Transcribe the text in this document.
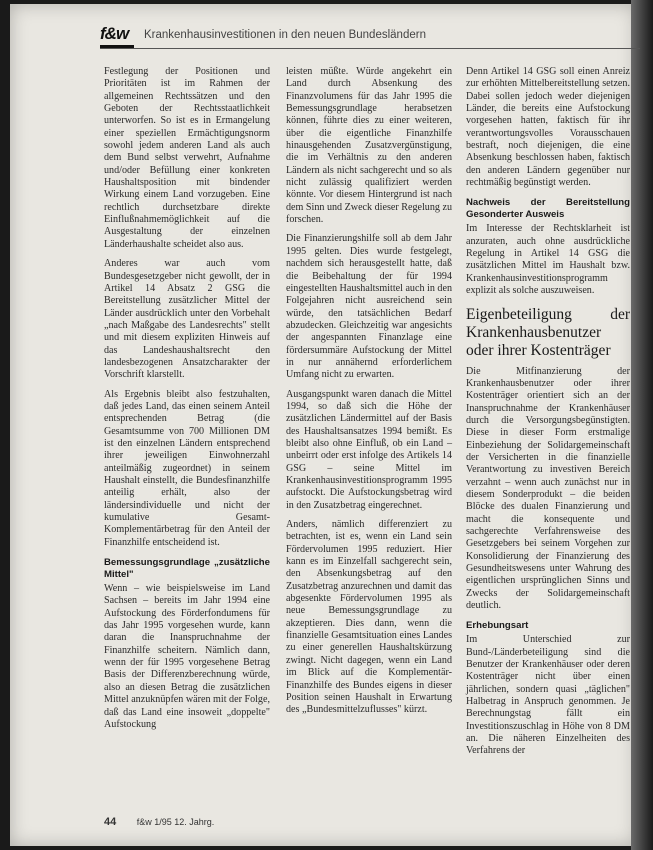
f&w Krankenhausinvestitionen in den neuen Bundesländern

Festlegung der Positionen und Prioritäten ist im Rahmen der allgemeinen Rechtssätzen und den Geboten der Rechtsstaatlichkeit unterworfen. So ist es in Ermangelung einer speziellen Ermächtigungsnorm sowohl jedem anderen Land als auch dem Bund selbst verwehrt, Aufnahme und/oder Befüllung einer konkreten Haushaltsposition mit bindender Wirkung einem Land vorzugeben. Eine rechtlich durchsetzbare direkte Einflußnahmemöglichkeit auf die Ausgestaltung der einzelnen Länderhaushalte scheidet also aus.

Anderes war auch vom Bundesgesetzgeber nicht gewollt, der in Artikel 14 Absatz 2 GSG die Bereitstellung zusätzlicher Mittel der Länder ausdrücklich unter den Vorbehalt „nach Maßgabe des Landesrechts" stellt und mit diesem expliziten Hinweis auf das Landeshaushaltsrecht den landesbezogenen Ansatzcharakter der Vorschrift klarstellt.

Als Ergebnis bleibt also festzuhalten, daß jedes Land, das einen seinem Anteil entsprechenden Betrag (die Gesamtsumme von 700 Millionen DM ist den einzelnen Ländern entsprechend ihrer jeweiligen Einwohnerzahl anteilmäßig zugeordnet) in seinem Haushalt einstellt, die Bundesfinanzhilfe anteilig erhält, also der ländersindividuelle und nicht der kumulative Gesamt-Komplementärbetrag für den Anteil der Finanzhilfe entscheidend ist.

Bemessungsgrundlage „zusätzliche Mittel"

Wenn – wie beispielsweise im Land Sachsen – bereits im Jahr 1994 eine Aufstockung des Förderfondumens für das Jahr 1995 vorgesehen wurde, kann daran die Inanspruchnahme der Finanzhilfe scheitern. Nämlich dann, wenn der für 1995 vorgesehene Betrag Basis der Differenzberechnung würde, also an diesen Betrag die zusätzlichen Mittel anzuknüpfen wären mit der Folge, daß das Land eine insoweit „doppelte" Aufstockung

leisten müßte. Würde angekehrt ein Land durch Absenkung des Finanzvolumens für das Jahr 1995 die Bemessungsgrundlage herabsetzen können, führte dies zu einer weiteren, über die eigentliche Finanzhilfe hinausgehenden Zusatzvergünstigung, die im Verhältnis zu den anderen Ländern als nicht sachgerecht und so als nicht zulässig qualifiziert werden könnte. Vor diesem Hintergrund ist nach dem Sinn und Zweck dieser Regelung zu forschen.

Die Finanzierungshilfe soll ab dem Jahr 1995 gelten. Dies wurde festgelegt, nachdem sich herausgestellt hatte, daß die Beibehaltung der für 1994 eingestellten Haushaltsmittel auch in den Folgejahren nicht ausreichend sein würde, den tatsächlichen Bedarf abzudecken. Gleichzeitig war angesichts der angespannten Finanzlage eine fördersummäre Aufstockung der Mittel in nur annähernd erforderlichem Umfang nicht zu erwarten.

Ausgangspunkt waren danach die Mittel 1994, so daß sich die Höhe der zusätzlichen Ländermittel auf der Basis des Haushaltsansatzes 1994 bemißt. Es bleibt also ohne Einfluß, ob ein Land – unbeirrt oder erst infolge des Artikels 14 GSG – seine Mittel im Krankenhausinvestitionsprogramm 1995 aufstockt. Die Aufstockungsbetrag wird in den Zusatzbetrag eingerechnet.

Anders, nämlich differenziert zu betrachten, ist es, wenn ein Land sein Fördervolumen 1995 reduziert. Hier kann es im Einzelfall sachgerecht sein, den Absenkungsbetrag auf den Zusatzbetrag anzurechnen und damit das abgesenkte Fördervolumen 1995 als neue Bemessungsgrundlage zu akzeptieren. Dies dann, wenn die finanzielle Gesamtsituation eines Landes zu einer generellen Haushaltskürzung zwingt. Nicht dagegen, wenn ein Land im Blick auf die Komplementär-Finanzhilfe des Bundes eigens in dieser Position seinen Haushalt in Erwartung des „Bundesmittelzuflusses" kürzt.

Denn Artikel 14 GSG soll einen Anreiz zur erhöhten Mittelbereitstellung setzen. Dabei sollen jedoch weder diejenigen Länder, die bereits eine Aufstockung vorgesehen hatten, faktisch für ihr verantwortungsvolles Vorausschauen bestraft, noch diejenigen, die eine Absenkung beschlossen haben, faktisch den anderen Ländern gegenüber nur rechtmäßig begünstigt werden.

Nachweis der Bereitstellung Gesonderter Ausweis

Im Interesse der Rechtsklarheit ist anzuraten, auch ohne ausdrückliche Regelung in Artikel 14 GSG die zusätzlichen Mittel im Haushalt bzw. Krankenhausinvestitionsprogramm explizit als solche auszuweisen.

Eigenbeteiligung der Krankenhausbenutzer oder ihrer Kostenträger

Die Mitfinanzierung der Krankenhausbenutzer oder ihrer Kostenträger orientiert sich an der Inanspruchnahme der Krankenhäuser durch die Versorgungsbegünstigten. Diese in dieser Form erstmalige Einbeziehung der Solidargemeinschaft der Versicherten in die finanzielle Verantwortung zu investiven Bereich verzahnt – wenn auch zunächst nur in diesem Sonderprodukt – die beiden Blöcke des dualen Finanzierung und macht die konsequente und sachgerechte Verfahrensweise des Gesetzgebers bei seinem Vorgehen zur Konsolidierung der Finanzierung des Gesundheitswesens unter Wahrung des eigentlichen ursprünglichen Sinns und Zwecks der Solidargemeinschaft deutlich.

Erhebungsart

Im Unterschied zur Bund-/Länderbeteiligung sind die Benutzer der Krankenhäuser oder deren Kostenträger nicht über einen jährlichen, sondern quasi „täglichen" Halbetrag in Anspruch genommen. Je Berechnungstag fällt ein Investitionszuschlag in Höhe von 8 DM an. Die näheren Einzelheiten des Verfahrens der

44 f&w 1/95 12. Jahrg.
